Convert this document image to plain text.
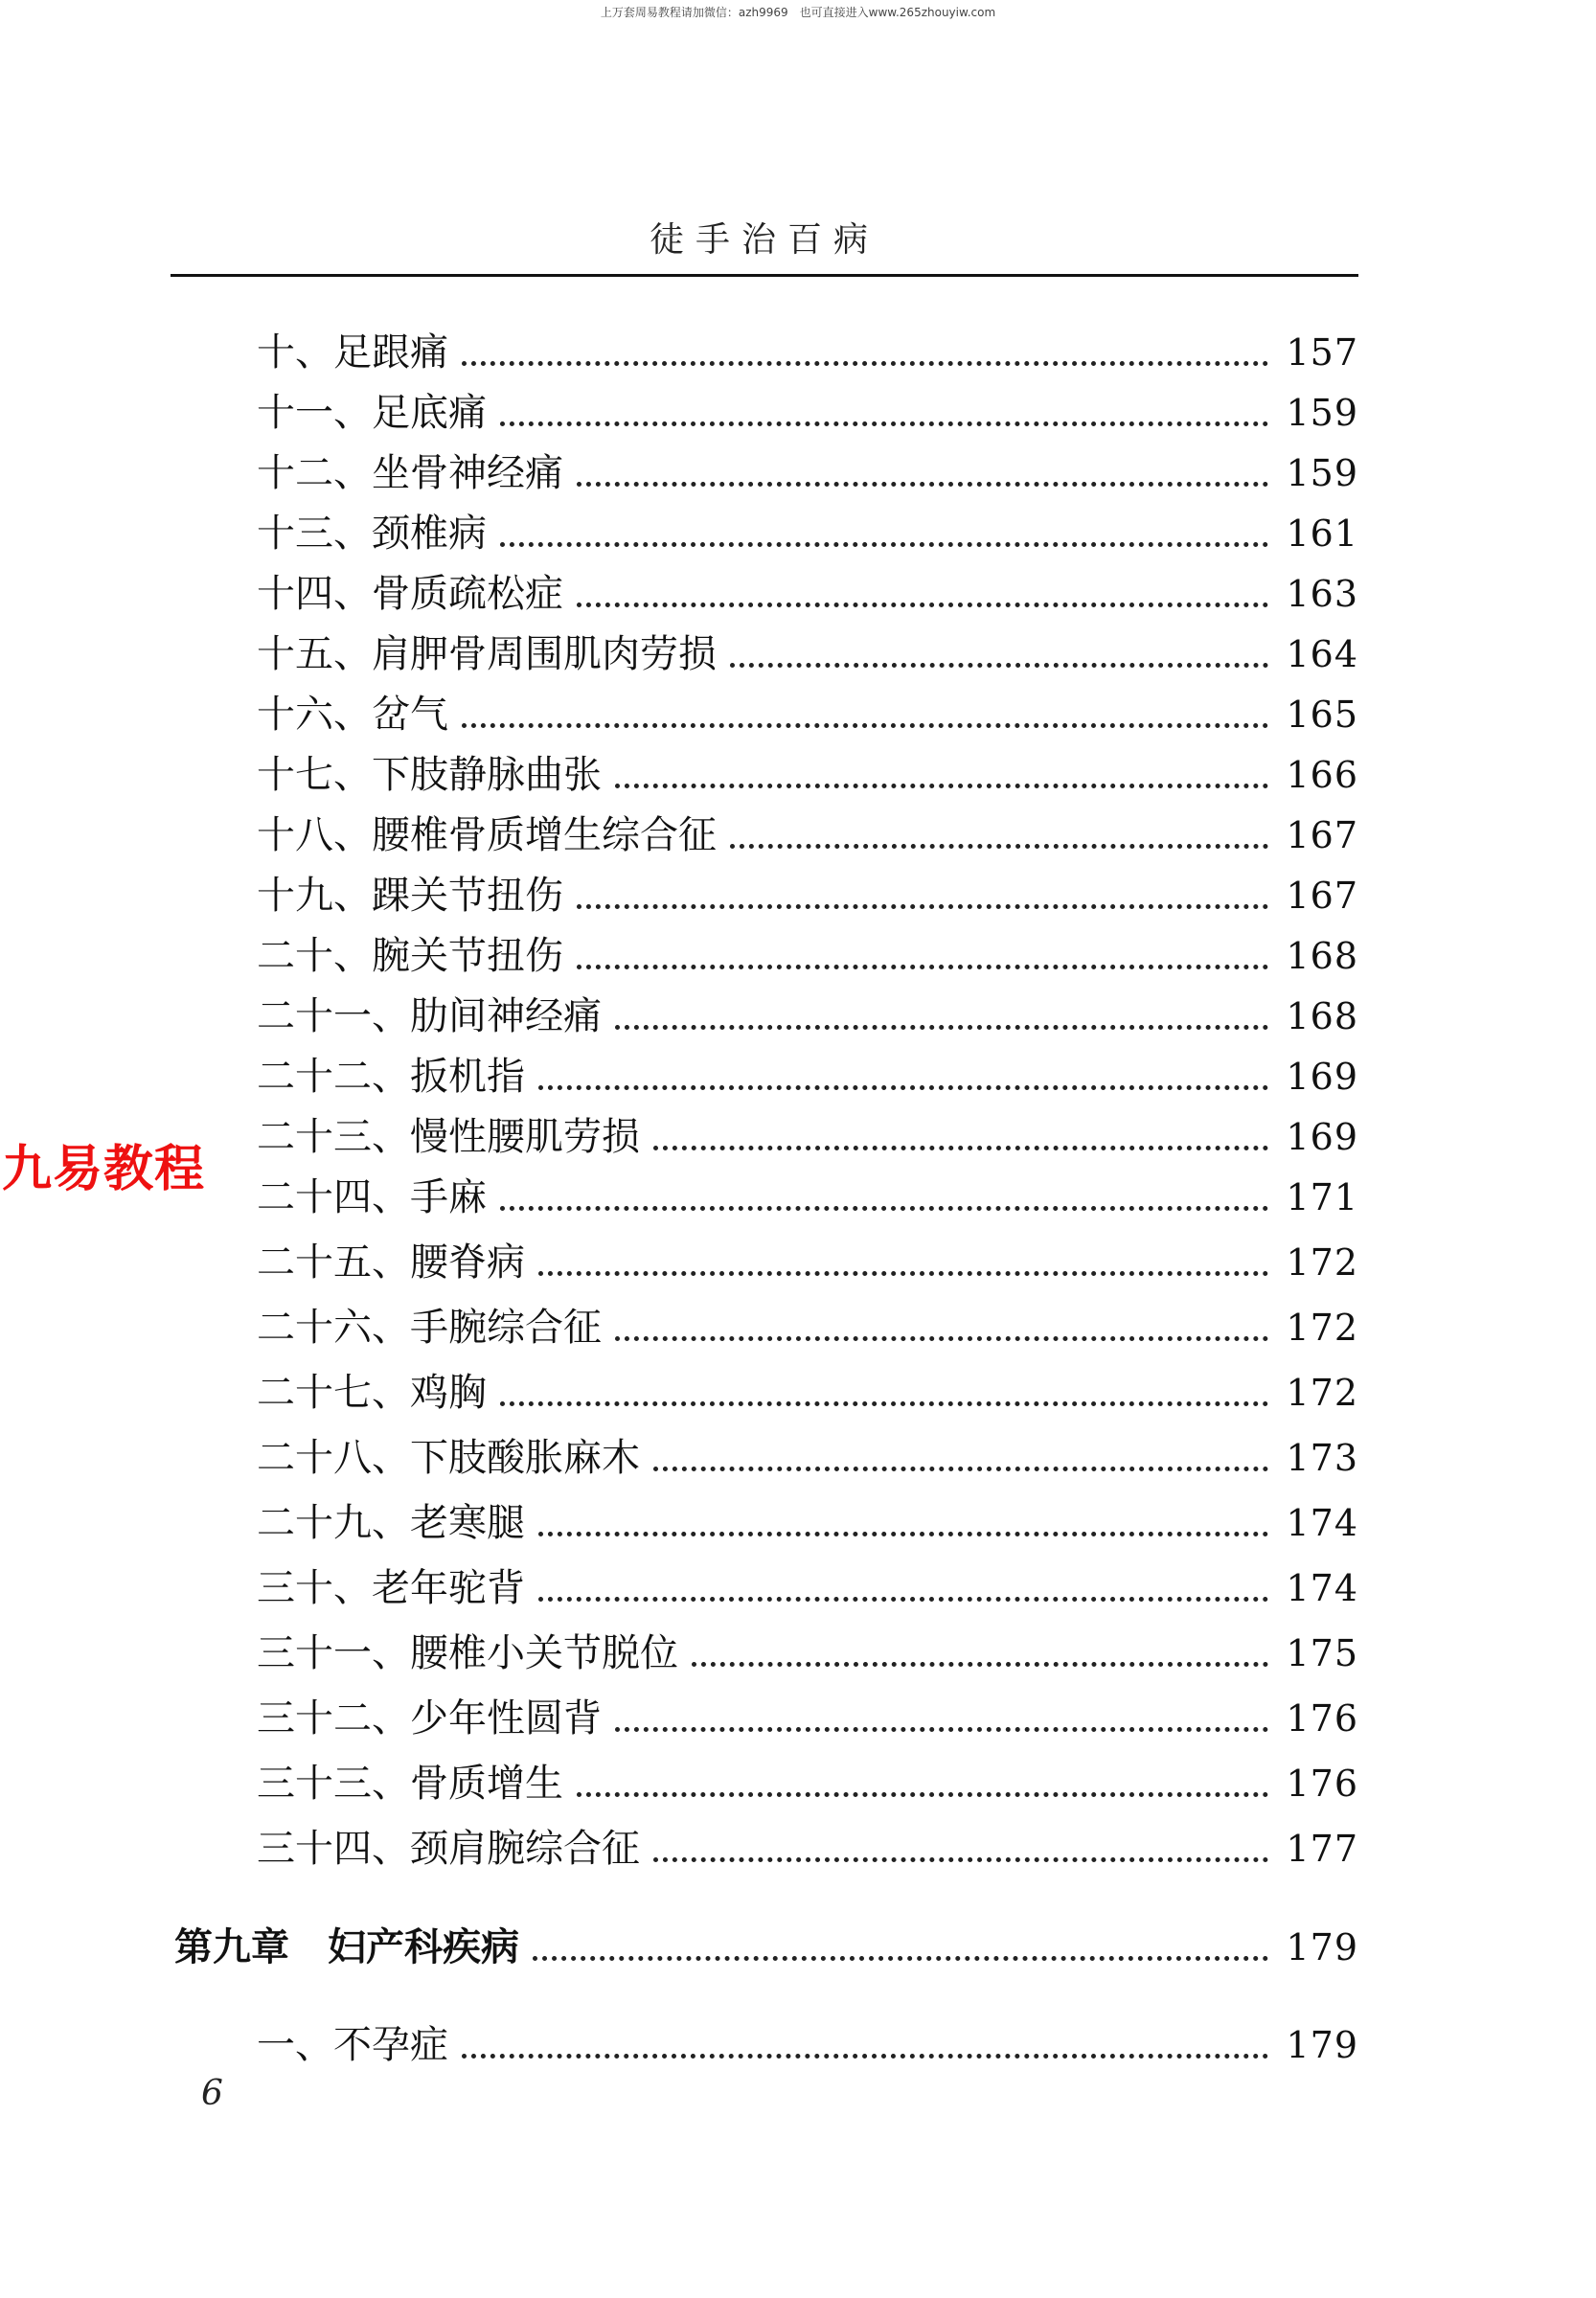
上万套周易教程请加微信：azh9969　也可直接进入www.265zhouyiw.com
徒手治百病
九易教程
十、足跟痛	157
十一、足底痛	159
十二、坐骨神经痛	159
十三、颈椎病	161
十四、骨质疏松症	163
十五、肩胛骨周围肌肉劳损	164
十六、岔气	165
十七、下肢静脉曲张	166
十八、腰椎骨质增生综合征	167
十九、踝关节扭伤	167
二十、腕关节扭伤	168
二十一、肋间神经痛	168
二十二、扳机指	169
二十三、慢性腰肌劳损	169
二十四、手麻	171
二十五、腰脊病	172
二十六、手腕综合征	172
二十七、鸡胸	172
二十八、下肢酸胀麻木	173
二十九、老寒腿	174
三十、老年驼背	174
三十一、腰椎小关节脱位	175
三十二、少年性圆背	176
三十三、骨质增生	176
三十四、颈肩腕综合征	177
第九章　妇产科疾病	179
一、不孕症	179
6
